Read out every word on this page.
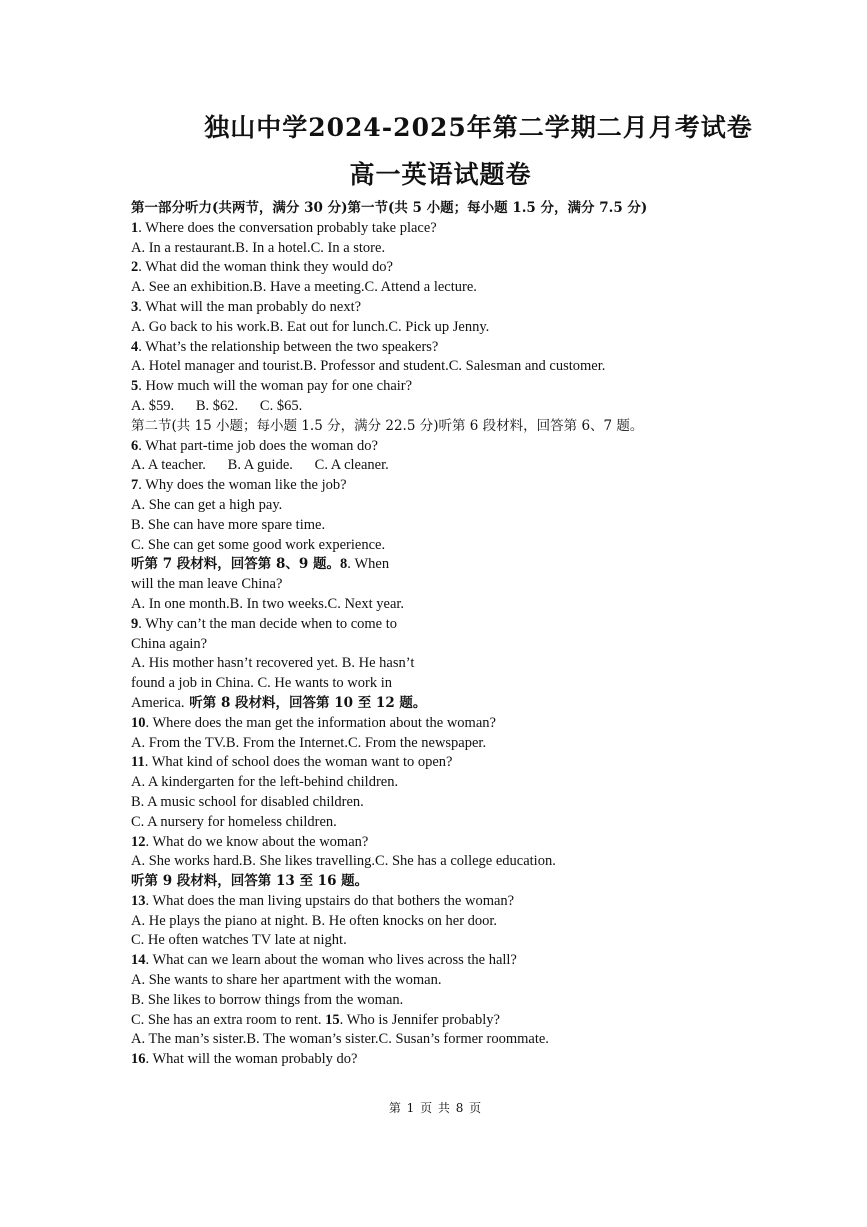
独山中学2024-2025年第二学期二月月考试卷
高一英语试题卷
第一部分听力(共两节，满分 30 分)第一节(共 5 小题；每小题 1.5 分，满分 7.5 分)
1. Where does the conversation probably take place?
A. In a restaurant.B. In a hotel.C. In a store.
2. What did the woman think they would do?
A. See an exhibition.B. Have a meeting.C. Attend a lecture.
3. What will the man probably do next?
A. Go back to his work.B. Eat out for lunch.C. Pick up Jenny.
4. What’s the relationship between the two speakers?
A. Hotel manager and tourist.B. Professor and student.C. Salesman and customer.
5. How much will the woman pay for one chair?
A. $59.      B. $62.      C. $65.
第二节(共 15 小题；每小题 1.5 分，满分 22.5 分)听第 6 段材料，回答第 6、7 题。
6. What part-time job does the woman do?
A. A teacher.      B. A guide.      C. A cleaner.
7. Why does the woman like the job?
A. She can get a high pay.
B. She can have more spare time.
C. She can get some good work experience.
听第 7 段材料，回答第 8、9 题。8. When
will the man leave China?
A. In one month.B. In two weeks.C. Next year.
9. Why can’t the man decide when to come to
China again?
A. His mother hasn’t recovered yet. B. He hasn’t
found a job in China. C. He wants to work in
America. 听第 8 段材料，回答第 10 至 12 题。
10. Where does the man get the information about the woman?
A. From the TV.B. From the Internet.C. From the newspaper.
11. What kind of school does the woman want to open?
A. A kindergarten for the left-behind children.
B. A music school for disabled children.
C. A nursery for homeless children.
12. What do we know about the woman?
A. She works hard.B. She likes travelling.C. She has a college education.
听第 9 段材料，回答第 13 至 16 题。
13. What does the man living upstairs do that bothers the woman?
A. He plays the piano at night. B. He often knocks on her door.
C. He often watches TV late at night.
14. What can we learn about the woman who lives across the hall?
A. She wants to share her apartment with the woman.
B. She likes to borrow things from the woman.
C. She has an extra room to rent. 15. Who is Jennifer probably?
A. The man’s sister.B. The woman’s sister.C. Susan’s former roommate.
16. What will the woman probably do?
第 1 页 共 8 页
